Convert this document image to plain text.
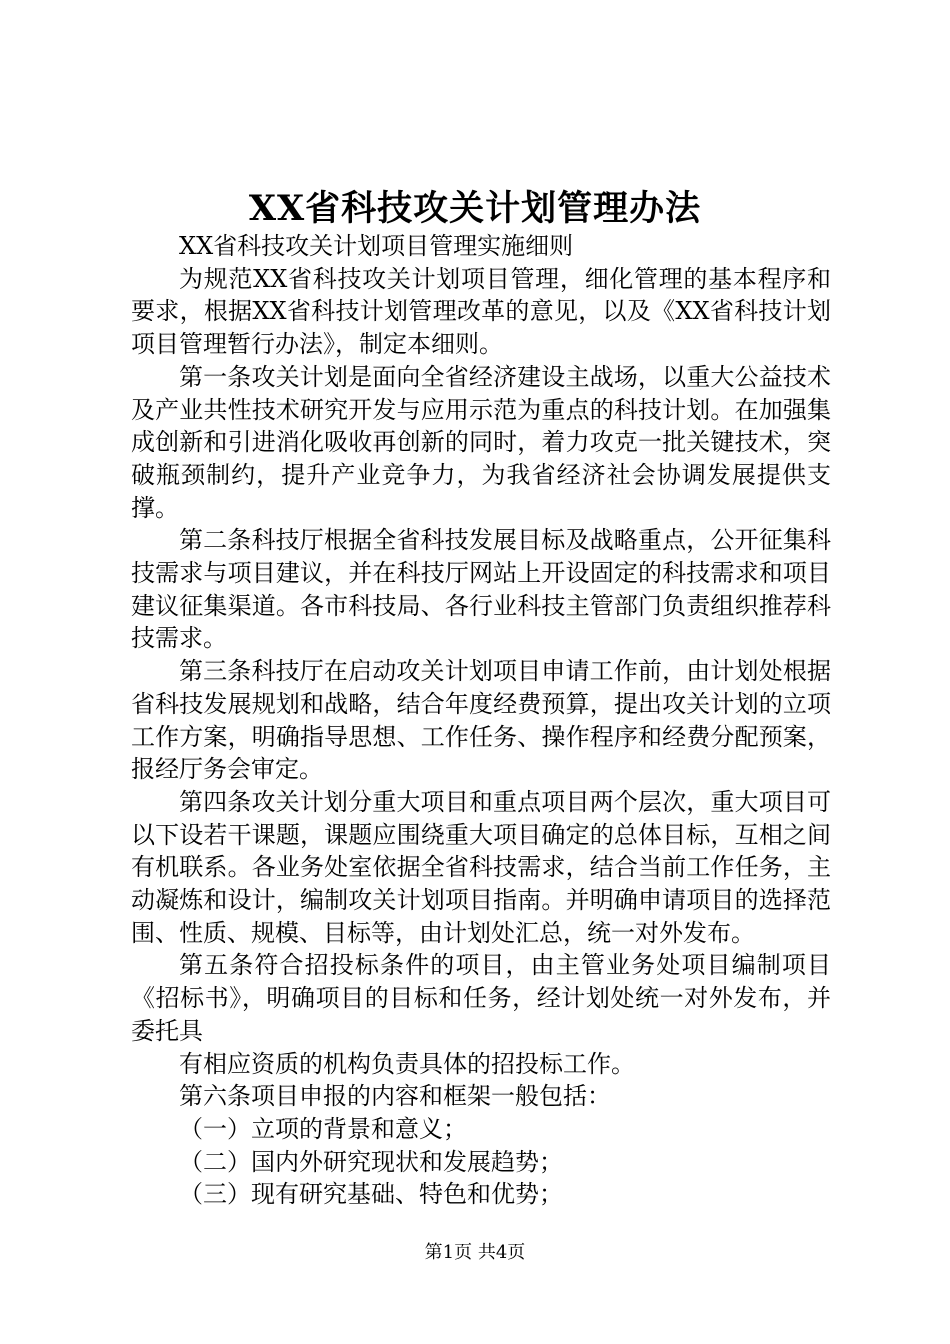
XX省科技攻关计划管理办法

XX省科技攻关计划项目管理实施细则

为规范XX省科技攻关计划项目管理，细化管理的基本程序和要求，根据XX省科技计划管理改革的意见，以及《XX省科技计划项目管理暂行办法》，制定本细则。

第一条攻关计划是面向全省经济建设主战场，以重大公益技术及产业共性技术研究开发与应用示范为重点的科技计划。在加强集成创新和引进消化吸收再创新的同时，着力攻克一批关键技术，突破瓶颈制约，提升产业竞争力，为我省经济社会协调发展提供支撑。

第二条科技厅根据全省科技发展目标及战略重点，公开征集科技需求与项目建议，并在科技厅网站上开设固定的科技需求和项目建议征集渠道。各市科技局、各行业科技主管部门负责组织推荐科技需求。

第三条科技厅在启动攻关计划项目申请工作前，由计划处根据省科技发展规划和战略，结合年度经费预算，提出攻关计划的立项工作方案，明确指导思想、工作任务、操作程序和经费分配预案，报经厅务会审定。

第四条攻关计划分重大项目和重点项目两个层次，重大项目可以下设若干课题，课题应围绕重大项目确定的总体目标，互相之间有机联系。各业务处室依据全省科技需求，结合当前工作任务，主动凝炼和设计，编制攻关计划项目指南。并明确申请项目的选择范围、性质、规模、目标等，由计划处汇总，统一对外发布。

第五条符合招投标条件的项目，由主管业务处项目编制项目《招标书》，明确项目的目标和任务，经计划处统一对外发布，并委托具

有相应资质的机构负责具体的招投标工作。

第六条项目申报的内容和框架一般包括：

（一）立项的背景和意义；

（二）国内外研究现状和发展趋势；

（三）现有研究基础、特色和优势；

第1页 共4页
